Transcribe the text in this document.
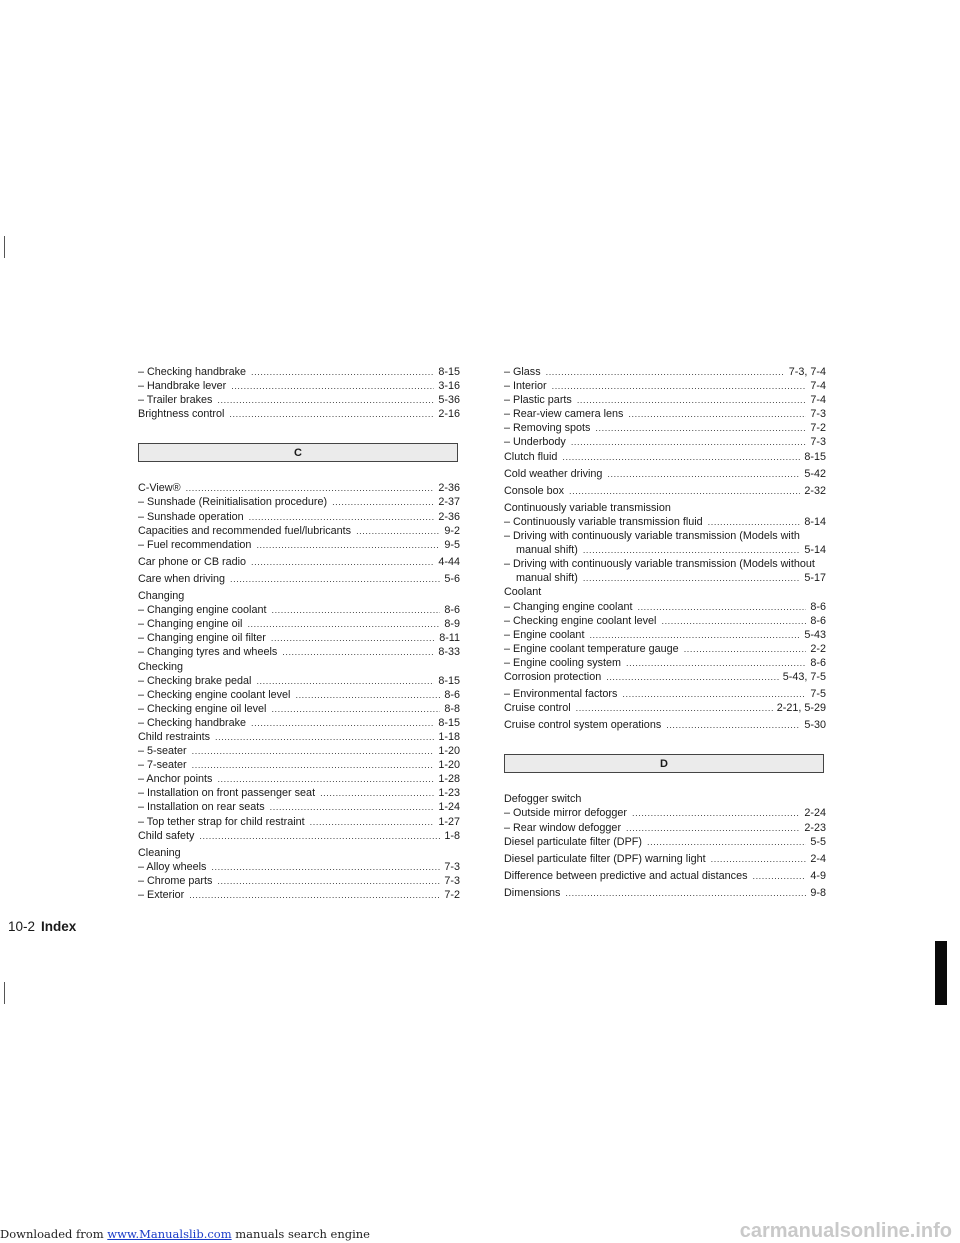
– Checking handbrake .....	8-15
– Handbrake lever .....	3-16
– Trailer brakes .....	5-36
Brightness control .....	2-16
C
C-View® .....	2-36
– Sunshade (Reinitialisation procedure) .....	2-37
– Sunshade operation .....	2-36
Capacities and recommended fuel/lubricants .....	9-2
– Fuel recommendation .....	9-5
Car phone or CB radio .....	4-44
Care when driving .....	5-6
Changing
– Changing engine coolant .....	8-6
– Changing engine oil .....	8-9
– Changing engine oil filter .....	8-11
– Changing tyres and wheels .....	8-33
Checking
– Checking brake pedal .....	8-15
– Checking engine coolant level .....	8-6
– Checking engine oil level .....	8-8
– Checking handbrake .....	8-15
Child restraints .....	1-18
– 5-seater .....	1-20
– 7-seater .....	1-20
– Anchor points .....	1-28
– Installation on front passenger seat .....	1-23
– Installation on rear seats .....	1-24
– Top tether strap for child restraint .....	1-27
Child safety .....	1-8
Cleaning
– Alloy wheels .....	7-3
– Chrome parts .....	7-3
– Exterior .....	7-2
– Glass .....	7-3, 7-4
– Interior .....	7-4
– Plastic parts .....	7-4
– Rear-view camera lens .....	7-3
– Removing spots .....	7-2
– Underbody .....	7-3
Clutch fluid .....	8-15
Cold weather driving .....	5-42
Console box .....	2-32
Continuously variable transmission
– Continuously variable transmission fluid .....	8-14
– Driving with continuously variable transmission (Models with
manual shift) .....	5-14
– Driving with continuously variable transmission (Models without
manual shift) .....	5-17
Coolant
– Changing engine coolant .....	8-6
– Checking engine coolant level .....	8-6
– Engine coolant .....	5-43
– Engine coolant temperature gauge .....	2-2
– Engine cooling system .....	8-6
Corrosion protection .....	5-43, 7-5
– Environmental factors .....	7-5
Cruise control .....	2-21, 5-29
Cruise control system operations .....	5-30
D
Defogger switch
– Outside mirror defogger .....	2-24
– Rear window defogger .....	2-23
Diesel particulate filter (DPF) .....	5-5
Diesel particulate filter (DPF) warning light .....	2-4
Difference between predictive and actual distances .....	4-9
Dimensions .....	9-8
10-2 Index
Downloaded from www.Manualslib.com manuals search engine	carmanualsonline.info
